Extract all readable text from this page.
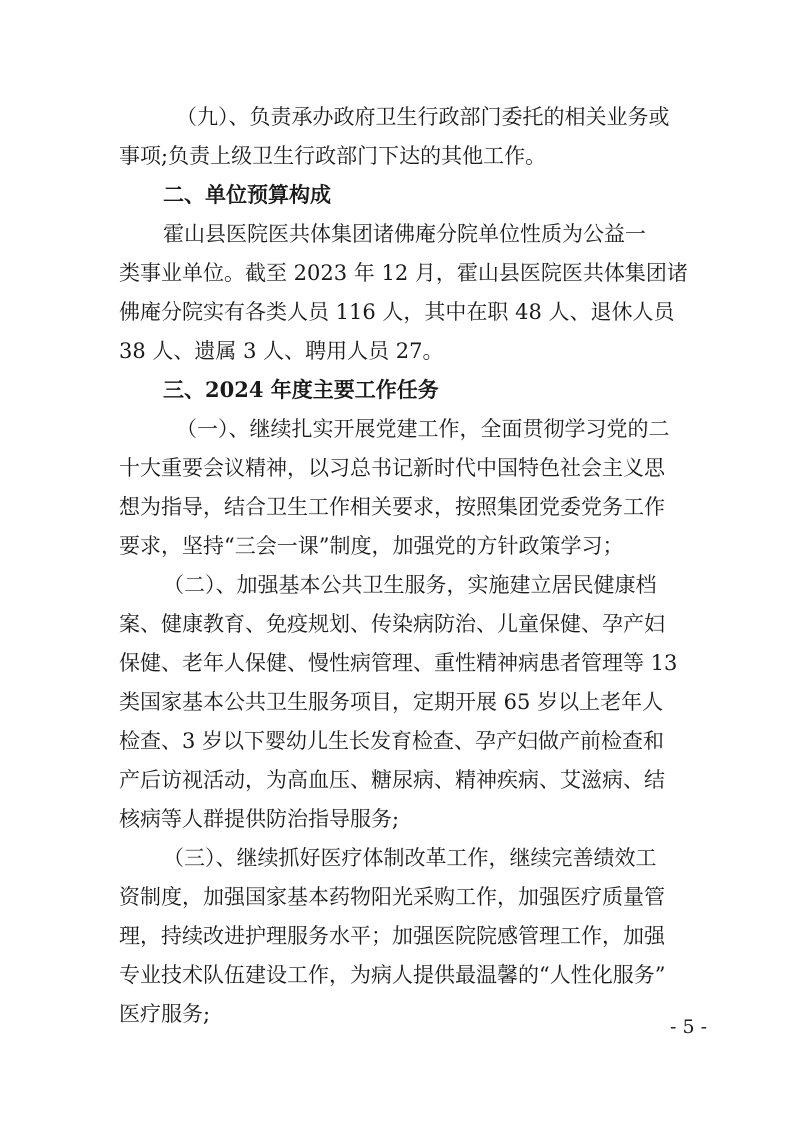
（九）、负责承办政府卫生行政部门委托的相关业务或
事项;负责上级卫生行政部门下达的其他工作。
二、单位预算构成
霍山县医院医共体集团诸佛庵分院单位性质为公益一
类事业单位。截至 2023 年 12 月，霍山县医院医共体集团诸
佛庵分院实有各类人员 116 人，其中在职 48 人、退休人员
38 人、遗属 3 人、聘用人员 27。
三、2024 年度主要工作任务
（一）、继续扎实开展党建工作，全面贯彻学习党的二
十大重要会议精神，以习总书记新时代中国特色社会主义思
想为指导，结合卫生工作相关要求，按照集团党委党务工作
要求，坚持“三会一课”制度，加强党的方针政策学习；
（二）、加强基本公共卫生服务，实施建立居民健康档
案、健康教育、免疫规划、传染病防治、儿童保健、孕产妇
保健、老年人保健、慢性病管理、重性精神病患者管理等 13
类国家基本公共卫生服务项目，定期开展 65 岁以上老年人
检查、3 岁以下婴幼儿生长发育检查、孕产妇做产前检查和
产后访视活动，为高血压、糖尿病、精神疾病、艾滋病、结
核病等人群提供防治指导服务;
（三）、继续抓好医疗体制改革工作，继续完善绩效工
资制度，加强国家基本药物阳光采购工作，加强医疗质量管
理，持续改进护理服务水平；加强医院院感管理工作，加强
专业技术队伍建设工作，为病人提供最温馨的“人性化服务”
医疗服务;
- 5 -
